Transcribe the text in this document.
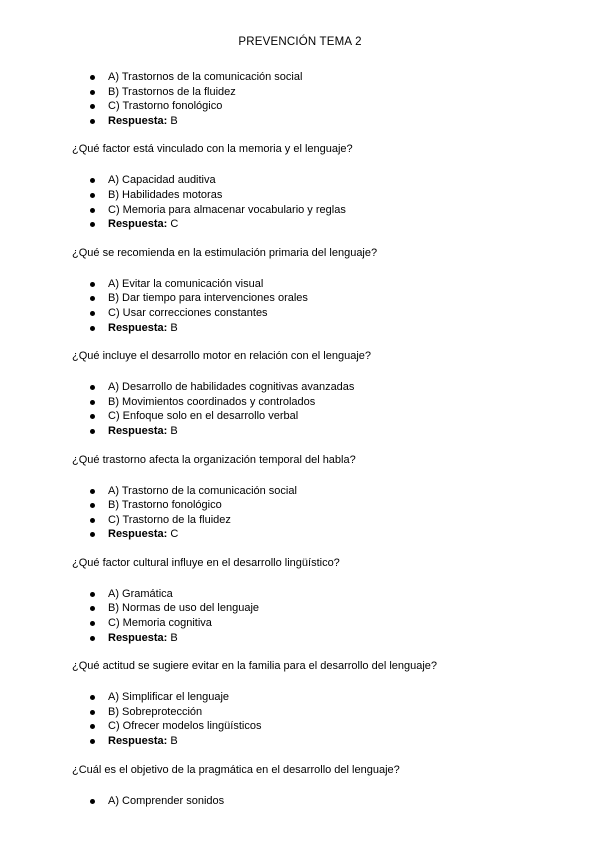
PREVENCIÓN TEMA 2
A) Trastornos de la comunicación social
B) Trastornos de la fluidez
C) Trastorno fonológico
Respuesta: B

¿Qué factor está vinculado con la memoria y el lenguaje?

A) Capacidad auditiva
B) Habilidades motoras
C) Memoria para almacenar vocabulario y reglas
Respuesta: C

¿Qué se recomienda en la estimulación primaria del lenguaje?

A) Evitar la comunicación visual
B) Dar tiempo para intervenciones orales
C) Usar correcciones constantes
Respuesta: B

¿Qué incluye el desarrollo motor en relación con el lenguaje?

A) Desarrollo de habilidades cognitivas avanzadas
B) Movimientos coordinados y controlados
C) Enfoque solo en el desarrollo verbal
Respuesta: B

¿Qué trastorno afecta la organización temporal del habla?

A) Trastorno de la comunicación social
B) Trastorno fonológico
C) Trastorno de la fluidez
Respuesta: C

¿Qué factor cultural influye en el desarrollo lingüístico?

A) Gramática
B) Normas de uso del lenguaje
C) Memoria cognitiva
Respuesta: B

¿Qué actitud se sugiere evitar en la familia para el desarrollo del lenguaje?

A) Simplificar el lenguaje
B) Sobreprotección
C) Ofrecer modelos lingüísticos
Respuesta: B

¿Cuál es el objetivo de la pragmática en el desarrollo del lenguaje?

A) Comprender sonidos
